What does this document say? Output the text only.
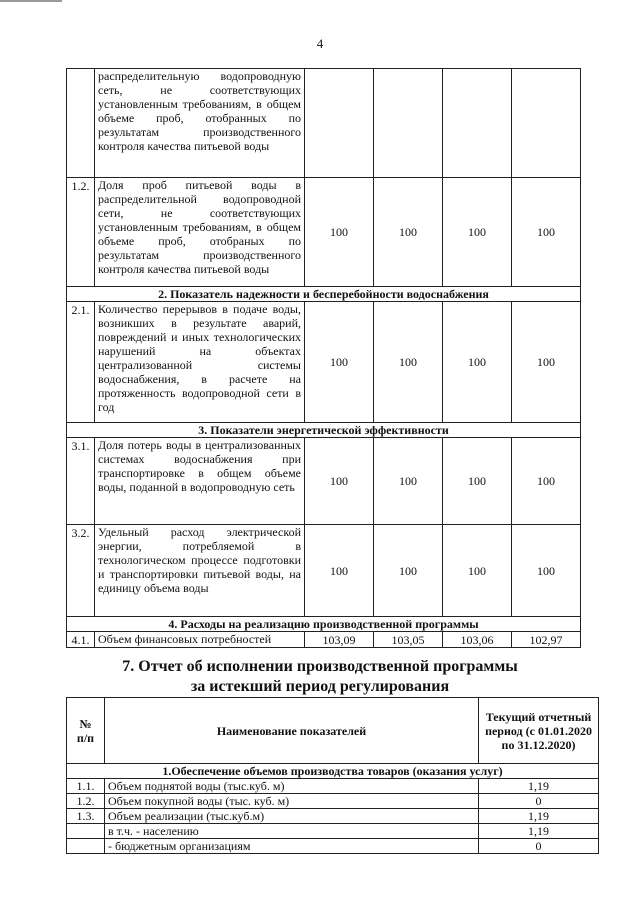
4
	распределительную водопроводную сеть, не соответствующих установленным требованиям, в общем объеме проб, отобранных по результатам производственного контроля качества питьевой воды				
1.2.	Доля проб питьевой воды в распределительной водопроводной сети, не соответствующих установленным требованиям, в общем объеме проб, отобраных по результатам производственного контроля качества питьевой воды	100	100	100	100
2. Показатель надежности и бесперебойности водоснабжения					
2.1.	Количество перерывов в подаче воды, возникших в результате аварий, повреждений и иных технологических нарушений на объектах централизованной системы водоснабжения, в расчете на протяженность водопроводной сети в год	100	100	100	100
3. Показатели энергетической эффективности					
3.1.	Доля потерь воды в централизованных системах водоснабжения при транспортировке в общем объеме воды, поданной в водопроводную сеть	100	100	100	100
3.2.	Удельный расход электрической энергии, потребляемой в технологическом процессе подготовки и транспортировки питьевой воды, на единицу объема воды	100	100	100	100
4. Расходы на реализацию производственной программы					
4.1.	Объем финансовых потребностей	103,09	103,05	103,06	102,97
7. Отчет об исполнении производственной программы
за истекший период регулирования
№ п/п	Наименование показателей	Текущий отчетный период (с 01.01.2020 по 31.12.2020)
1.Обеспечение объемов производства товаров (оказания услуг)		
1.1.	Объем поднятой воды (тыс.куб. м)	1,19
1.2.	Объем покупной воды (тыс. куб. м)	0
1.3.	Объем реализации (тыс.куб.м)	1,19
	в т.ч. - населению	1,19
	- бюджетным организациям	0
